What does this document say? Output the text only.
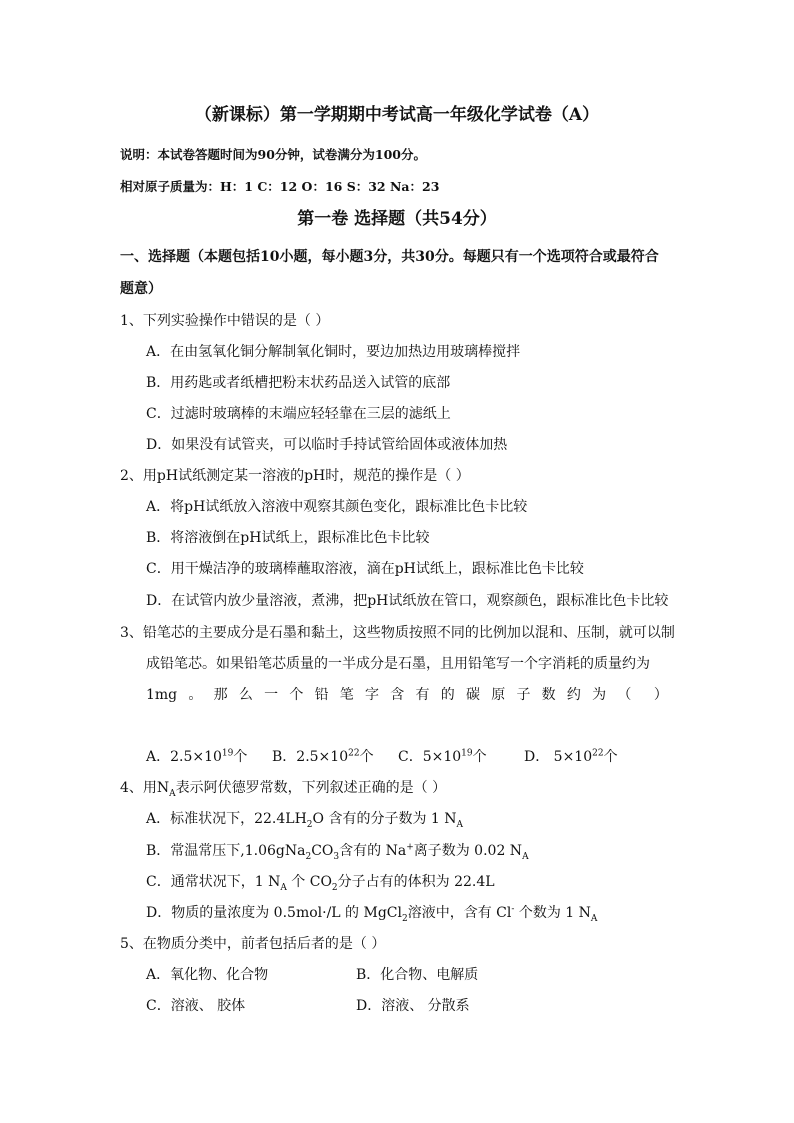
（新课标）第一学期期中考试高一年级化学试卷（A）
说明：本试卷答题时间为90分钟，试卷满分为100分。
相对原子质量为：H：1 C：12 O：16 S：32 Na：23
第一卷 选择题（共54分）
一、选择题（本题包括10小题，每小题3分，共30分。每题只有一个选项符合或最符合
题意）
1、下列实验操作中错误的是（ ）
A．在由氢氧化铜分解制氧化铜时，要边加热边用玻璃棒搅拌
B．用药匙或者纸槽把粉末状药品送入试管的底部
C．过滤时玻璃棒的末端应轻轻靠在三层的滤纸上
D．如果没有试管夹，可以临时手持试管给固体或液体加热
2、用pH试纸测定某一溶液的pH时，规范的操作是（ ）
A．将pH试纸放入溶液中观察其颜色变化，跟标准比色卡比较
B．将溶液倒在pH试纸上，跟标准比色卡比较
C．用干燥洁净的玻璃棒蘸取溶液，滴在pH试纸上，跟标准比色卡比较
D．在试管内放少量溶液，煮沸，把pH试纸放在管口，观察颜色，跟标准比色卡比较
3、铅笔芯的主要成分是石墨和黏土，这些物质按照不同的比例加以混和、压制，就可以制
成铅笔芯。如果铅笔芯质量的一半成分是石墨，且用铅笔写一个字消耗的质量约为
1mg 。 那 么 一 个 铅 笔 字 含 有 的 碳 原 子 数 约 为 （ ）
A．$2.5\times 10^{19}$个 B．$2.5\times 10^{22}$个 C．$5\times 10^{19}$个	D． $5\times 10^{22}$个
4、用$N_A$表示阿伏德罗常数，下列叙述正确的是（ ）
A．标准状况下，$22.4LH_2O$ 含有的分子数为 1 $N_A$
B．常温常压下$,1.06gNa_2CO_3$含有的 Na+离子数为 0.02 $N_A$
C．通常状况下，1 $N_A$ 个 $CO_2$分子占有的体积为 22.4L
D．物质的量浓度为 0.5mol·/L 的 MgCl$_2$溶液中，含有 Cl- 个数为 1 $N_A$
5、在物质分类中，前者包括后者的是（ ）
A．氧化物、化合物	B．化合物、电解质
C．溶液、 胶体	D．溶液、 分散系
